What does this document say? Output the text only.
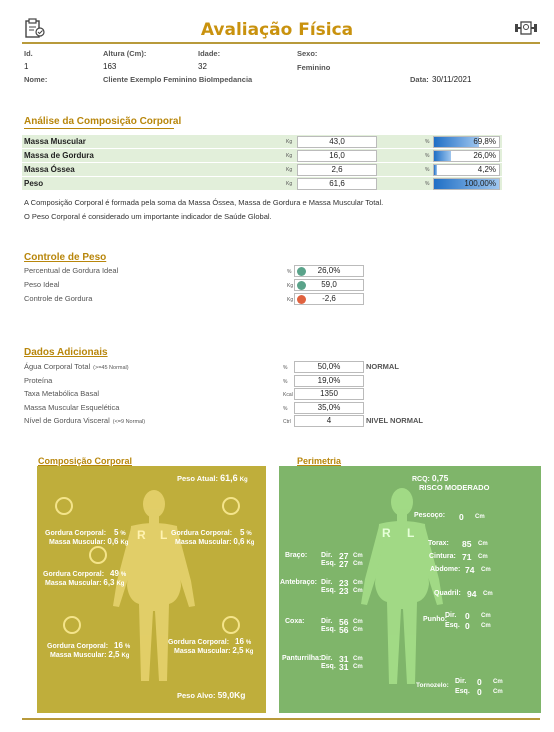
Avaliação Física
Id.	Altura (Cm):	Idade:	Sexo:
1	163	32	Feminino
Nome:	Cliente Exemplo Feminino BioImpedancia	Data: 30/11/2021
Análise da Composição Corporal
Massa Muscular	Kg	43,0	%	69,8%
Massa de Gordura	Kg	16,0	%	26,0%
Massa Óssea	Kg	2,6	%	4,2%
Peso	Kg	61,6	%	100,00%
A Composição Corporal é formada pela soma da Massa Óssea, Massa de Gordura e Massa Muscular Total.
O Peso Corporal é considerado um importante indicador de Saúde Global.
Controle de Peso
Percentual de Gordura Ideal	%	26,0%
Peso Ideal	Kg	59,0
Controle de Gordura	Kg	-2,6
Dados Adicionais
Água Corporal Total (>=45 Normal)	%	50,0%	NORMAL
Proteína	%	19,0%
Taxa Metabólica Basal	Kcal	1350
Massa Muscular Esquelética	%	35,0%
Nível de Gordura Visceral (<=9 Normal)	Ctrl	4	NIVEL NORMAL
Composição Corporal	Perimetria
R L
Peso Atual: 61,6 Kg
Gordura Corporal: 5 %
Massa Muscular: 0,6 Kg
Gordura Corporal: 5 %
Massa Muscular: 0,6 Kg
Gordura Corporal: 49 %
Massa Muscular: 6,3 Kg
Gordura Corporal: 16 %
Massa Muscular: 2,5 Kg
Gordura Corporal: 16 %
Massa Muscular: 2,5 Kg
Peso Alvo: 59,0Kg
R L
RCQ: 0,75
RISCO MODERADO
Pescoço: 0 Cm
Torax: 85 Cm
Cintura: 71 Cm
Abdome: 74 Cm
Quadril: 94 Cm
Braço: Dir. 27 Cm
Esq. 27 Cm
Antebraço: Dir. 23 Cm
Esq. 23 Cm
Coxa: Dir. 56 Cm
Esq. 56 Cm
Panturrilha: Dir. 31 Cm
Esq. 31 Cm
Punho:
Dir. 0 Cm
Esq. 0 Cm
Tornozelo:
Dir. 0 Cm
Esq. 0 Cm
